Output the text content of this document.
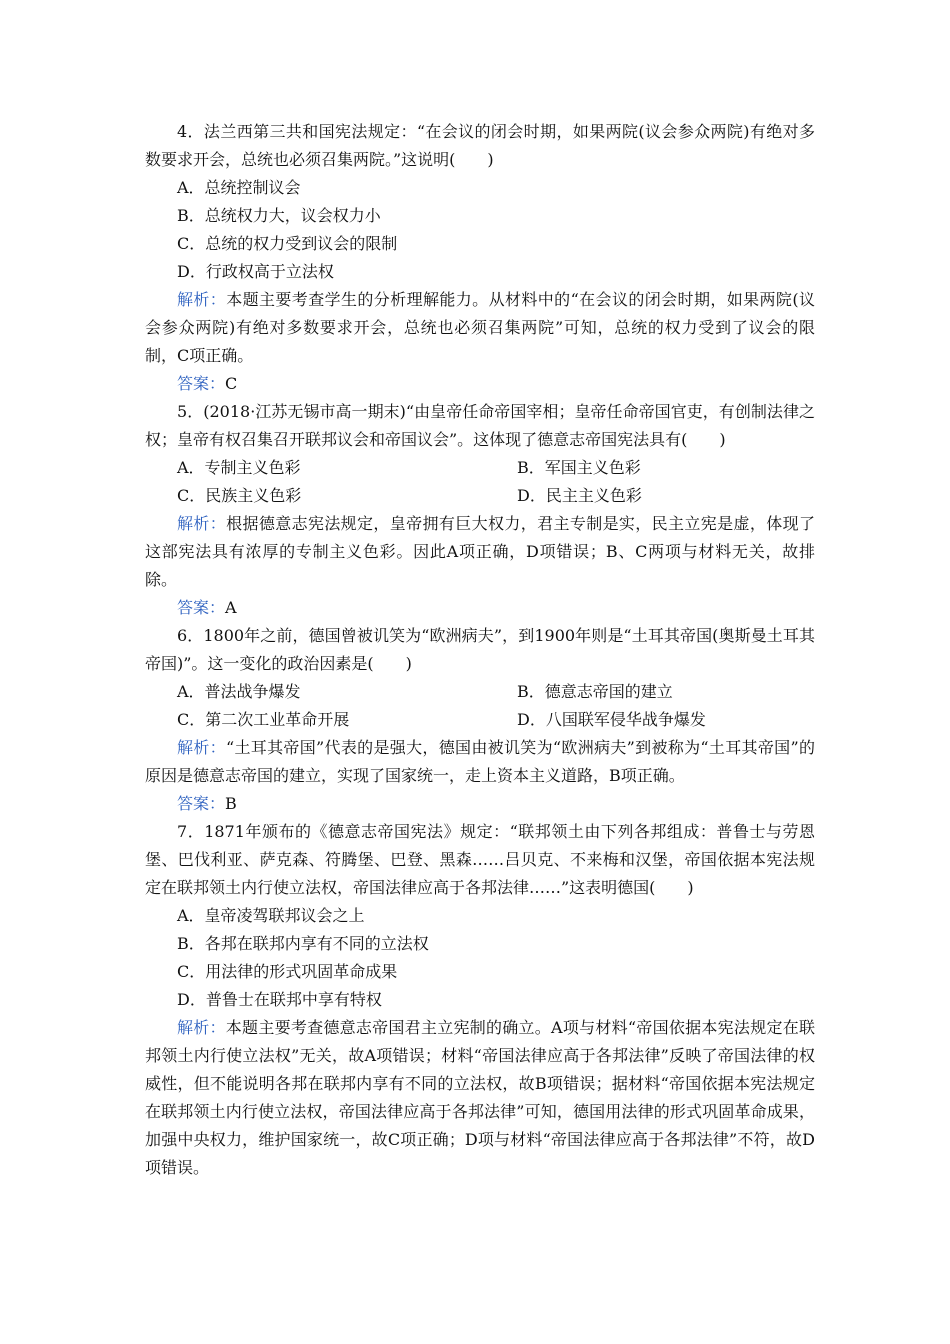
4．法兰西第三共和国宪法规定：“在会议的闭会时期，如果两院(议会参众两院)有绝对多数要求开会，总统也必须召集两院。”这说明(　　)

A．总统控制议会

B．总统权力大，议会权力小

C．总统的权力受到议会的限制

D．行政权高于立法权

解析：本题主要考查学生的分析理解能力。从材料中的“在会议的闭会时期，如果两院(议会参众两院)有绝对多数要求开会，总统也必须召集两院”可知，总统的权力受到了议会的限制，C项正确。

答案：C

5．(2018·江苏无锡市高一期末)“由皇帝任命帝国宰相；皇帝任命帝国官吏，有创制法律之权；皇帝有权召集召开联邦议会和帝国议会”。这体现了德意志帝国宪法具有(　　)

A．专制主义色彩	B．军国主义色彩
C．民族主义色彩	D．民主主义色彩

解析：根据德意志宪法规定，皇帝拥有巨大权力，君主专制是实，民主立宪是虚，体现了这部宪法具有浓厚的专制主义色彩。因此A项正确，D项错误；B、C两项与材料无关，故排除。

答案：A

6．1800年之前，德国曾被讥笑为“欧洲病夫”，到1900年则是“土耳其帝国(奥斯曼土耳其帝国)”。这一变化的政治因素是(　　)

A．普法战争爆发	B．德意志帝国的建立
C．第二次工业革命开展	D．八国联军侵华战争爆发

解析：“土耳其帝国”代表的是强大，德国由被讥笑为“欧洲病夫”到被称为“土耳其帝国”的原因是德意志帝国的建立，实现了国家统一，走上资本主义道路，B项正确。

答案：B

7．1871年颁布的《德意志帝国宪法》规定：“联邦领土由下列各邦组成：普鲁士与劳恩堡、巴伐利亚、萨克森、符腾堡、巴登、黑森……吕贝克、不来梅和汉堡，帝国依据本宪法规定在联邦领土内行使立法权，帝国法律应高于各邦法律……”这表明德国(　　)

A．皇帝凌驾联邦议会之上

B．各邦在联邦内享有不同的立法权

C．用法律的形式巩固革命成果

D．普鲁士在联邦中享有特权

解析：本题主要考查德意志帝国君主立宪制的确立。A项与材料“帝国依据本宪法规定在联邦领土内行使立法权”无关，故A项错误；材料“帝国法律应高于各邦法律”反映了帝国法律的权威性，但不能说明各邦在联邦内享有不同的立法权，故B项错误；据材料“帝国依据本宪法规定在联邦领土内行使立法权，帝国法律应高于各邦法律”可知，德国用法律的形式巩固革命成果，加强中央权力，维护国家统一，故C项正确；D项与材料“帝国法律应高于各邦法律”不符，故D项错误。
